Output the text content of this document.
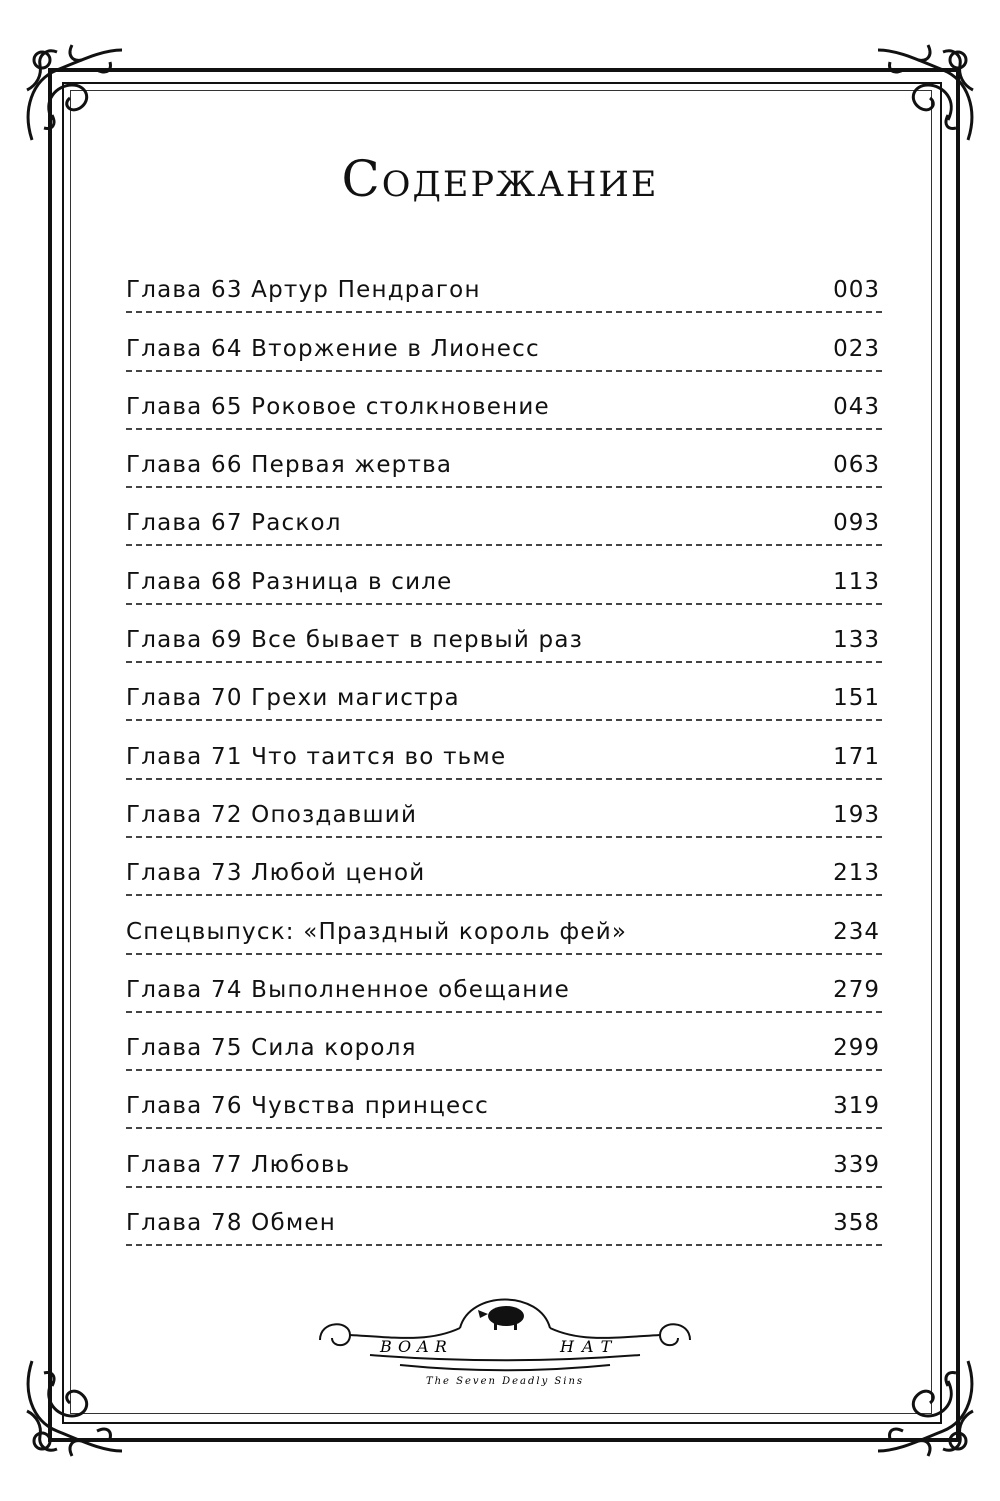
Содержание
Глава 63 Артур Пендрагон	003
Глава 64 Вторжение в Лионесс	023
Глава 65 Роковое столкновение	043
Глава 66 Первая жертва	063
Глава 67 Раскол	093
Глава 68 Разница в силе	113
Глава 69 Все бывает в первый раз	133
Глава 70 Грехи магистра	151
Глава 71 Что таится во тьме	171
Глава 72 Опоздавший	193
Глава 73 Любой ценой	213
Спецвыпуск: «Праздный король фей»	234
Глава 74 Выполненное обещание	279
Глава 75 Сила короля	299
Глава 76 Чувства принцесс	319
Глава 77 Любовь	339
Глава 78 Обмен	358
BOAR	HAT
The Seven Deadly Sins
